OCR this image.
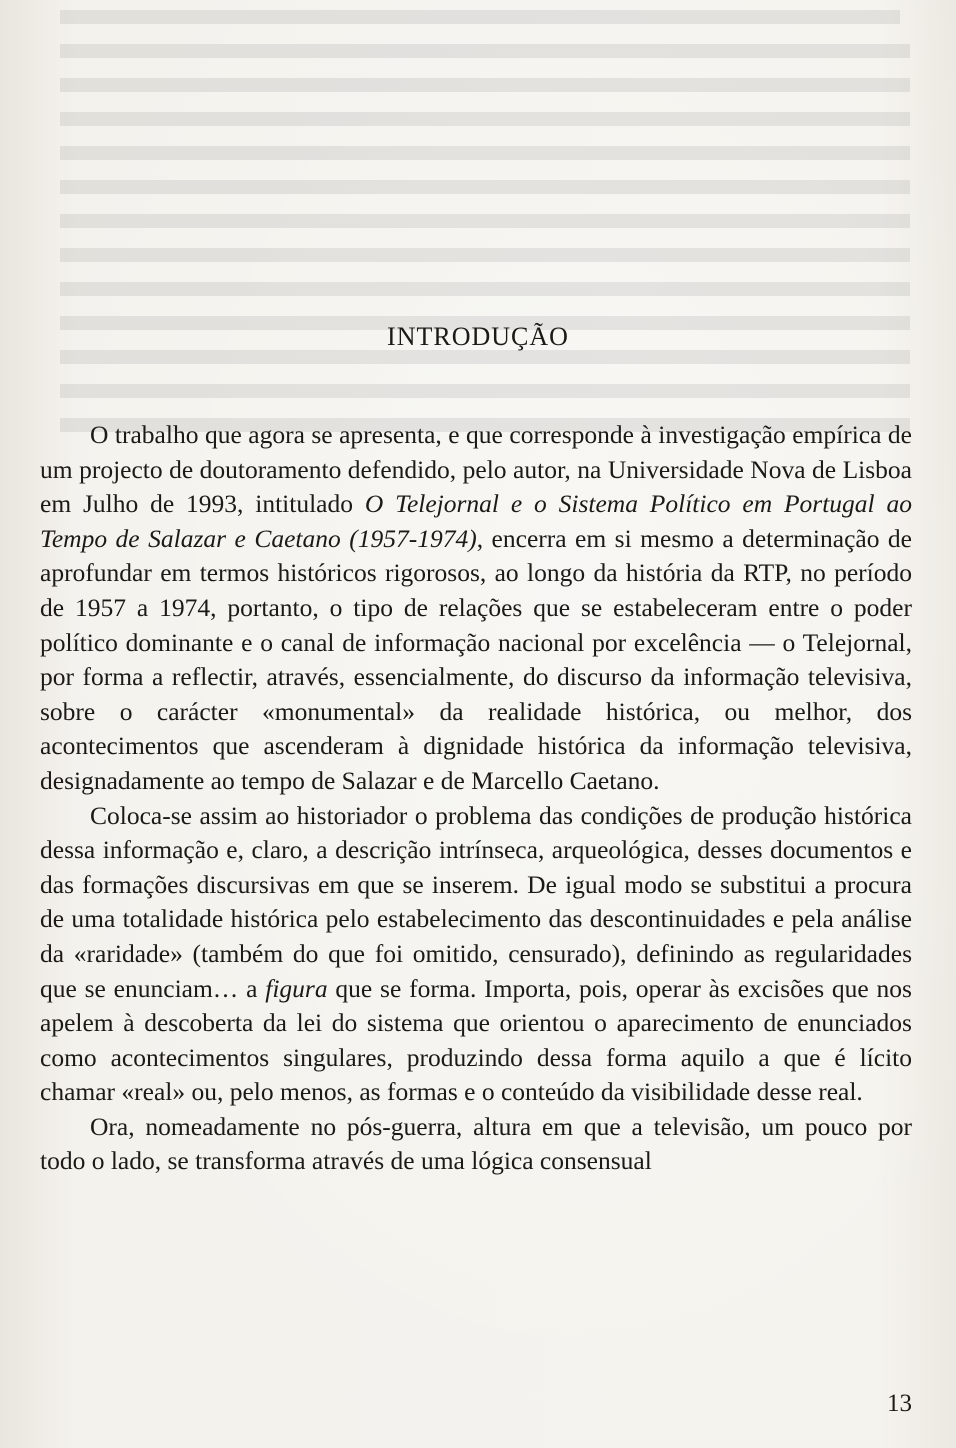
INTRODUÇÃO

O trabalho que agora se apresenta, e que corresponde à investigação empírica de um projecto de doutoramento defendido, pelo autor, na Universidade Nova de Lisboa em Julho de 1993, intitulado O Telejornal e o Sistema Político em Portugal ao Tempo de Salazar e Caetano (1957-1974), encerra em si mesmo a determinação de aprofundar em termos históricos rigorosos, ao longo da história da RTP, no período de 1957 a 1974, portanto, o tipo de relações que se estabeleceram entre o poder político dominante e o canal de informação nacional por excelência — o Telejornal, por forma a reflectir, através, essencialmente, do discurso da informação televisiva, sobre o carácter «monumental» da realidade histórica, ou melhor, dos acontecimentos que ascenderam à dignidade histórica da informação televisiva, designadamente ao tempo de Salazar e de Marcello Caetano.

Coloca-se assim ao historiador o problema das condições de produção histórica dessa informação e, claro, a descrição intrínseca, arqueológica, desses documentos e das formações discursivas em que se inserem. De igual modo se substitui a procura de uma totalidade histórica pelo estabelecimento das descontinuidades e pela análise da «raridade» (também do que foi omitido, censurado), definindo as regularidades que se enunciam… a figura que se forma. Importa, pois, operar às excisões que nos apelem à descoberta da lei do sistema que orientou o aparecimento de enunciados como acontecimentos singulares, produzindo dessa forma aquilo a que é lícito chamar «real» ou, pelo menos, as formas e o conteúdo da visibilidade desse real.

Ora, nomeadamente no pós-guerra, altura em que a televisão, um pouco por todo o lado, se transforma através de uma lógica consensual

13
